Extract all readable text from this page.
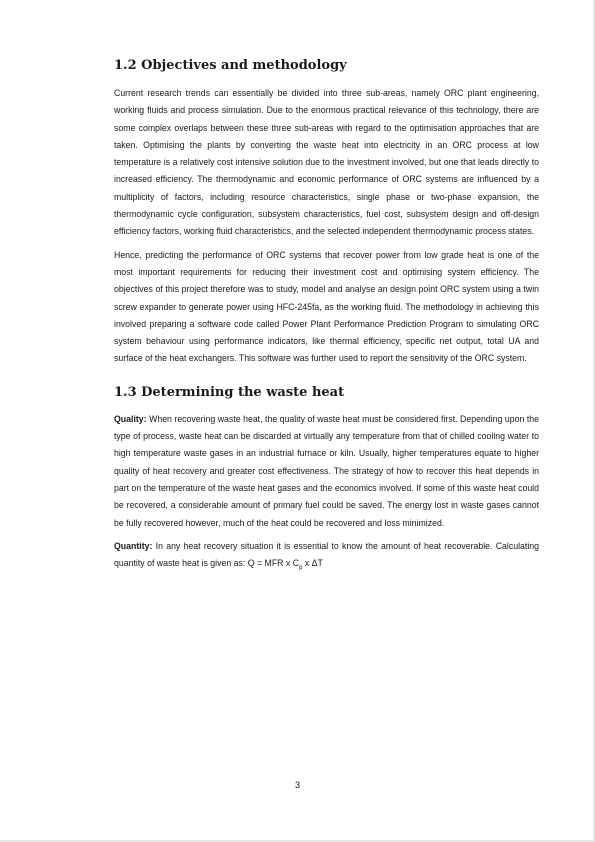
1.2 Objectives and methodology

Current research trends can essentially be divided into three sub-areas, namely ORC plant engineering, working fluids and process simulation. Due to the enormous practical relevance of this technology, there are some complex overlaps between these three sub-areas with regard to the optimisation approaches that are taken. Optimising the plants by converting the waste heat into electricity in an ORC process at low temperature is a relatively cost intensive solution due to the investment involved, but one that leads directly to increased efficiency. The thermodynamic and economic performance of ORC systems are influenced by a multiplicity of factors, including resource characteristics, single phase or two-phase expansion, the thermodynamic cycle configuration, subsystem characteristics, fuel cost, subsystem design and off-design efficiency factors, working fluid characteristics, and the selected independent thermodynamic process states.

Hence, predicting the performance of ORC systems that recover power from low grade heat is one of the most important requirements for reducing their investment cost and optimising system efficiency. The objectives of this project therefore was to study, model and analyse an design point ORC system using a twin screw expander to generate power using HFC-245fa, as the working fluid. The methodology in achieving this involved preparing a software code called Power Plant Performance Prediction Program to simulating ORC system behaviour using performance indicators, like thermal efficiency, specific net output, total UA and surface of the heat exchangers. This software was further used to report the sensitivity of the ORC system.

1.3 Determining the waste heat

Quality: When recovering waste heat, the quality of waste heat must be considered first. Depending upon the type of process, waste heat can be discarded at virtually any temperature from that of chilled cooling water to high temperature waste gases in an industrial furnace or kiln. Usually, higher temperatures equate to higher quality of heat recovery and greater cost effectiveness. The strategy of how to recover this heat depends in part on the temperature of the waste heat gases and the economics involved. If some of this waste heat could be recovered, a considerable amount of primary fuel could be saved. The energy lost in waste gases cannot be fully recovered however, much of the heat could be recovered and loss minimized.

Quantity: In any heat recovery situation it is essential to know the amount of heat recoverable. Calculating quantity of waste heat is given as: Q = MFR x $C_p$ x ΔT

3
